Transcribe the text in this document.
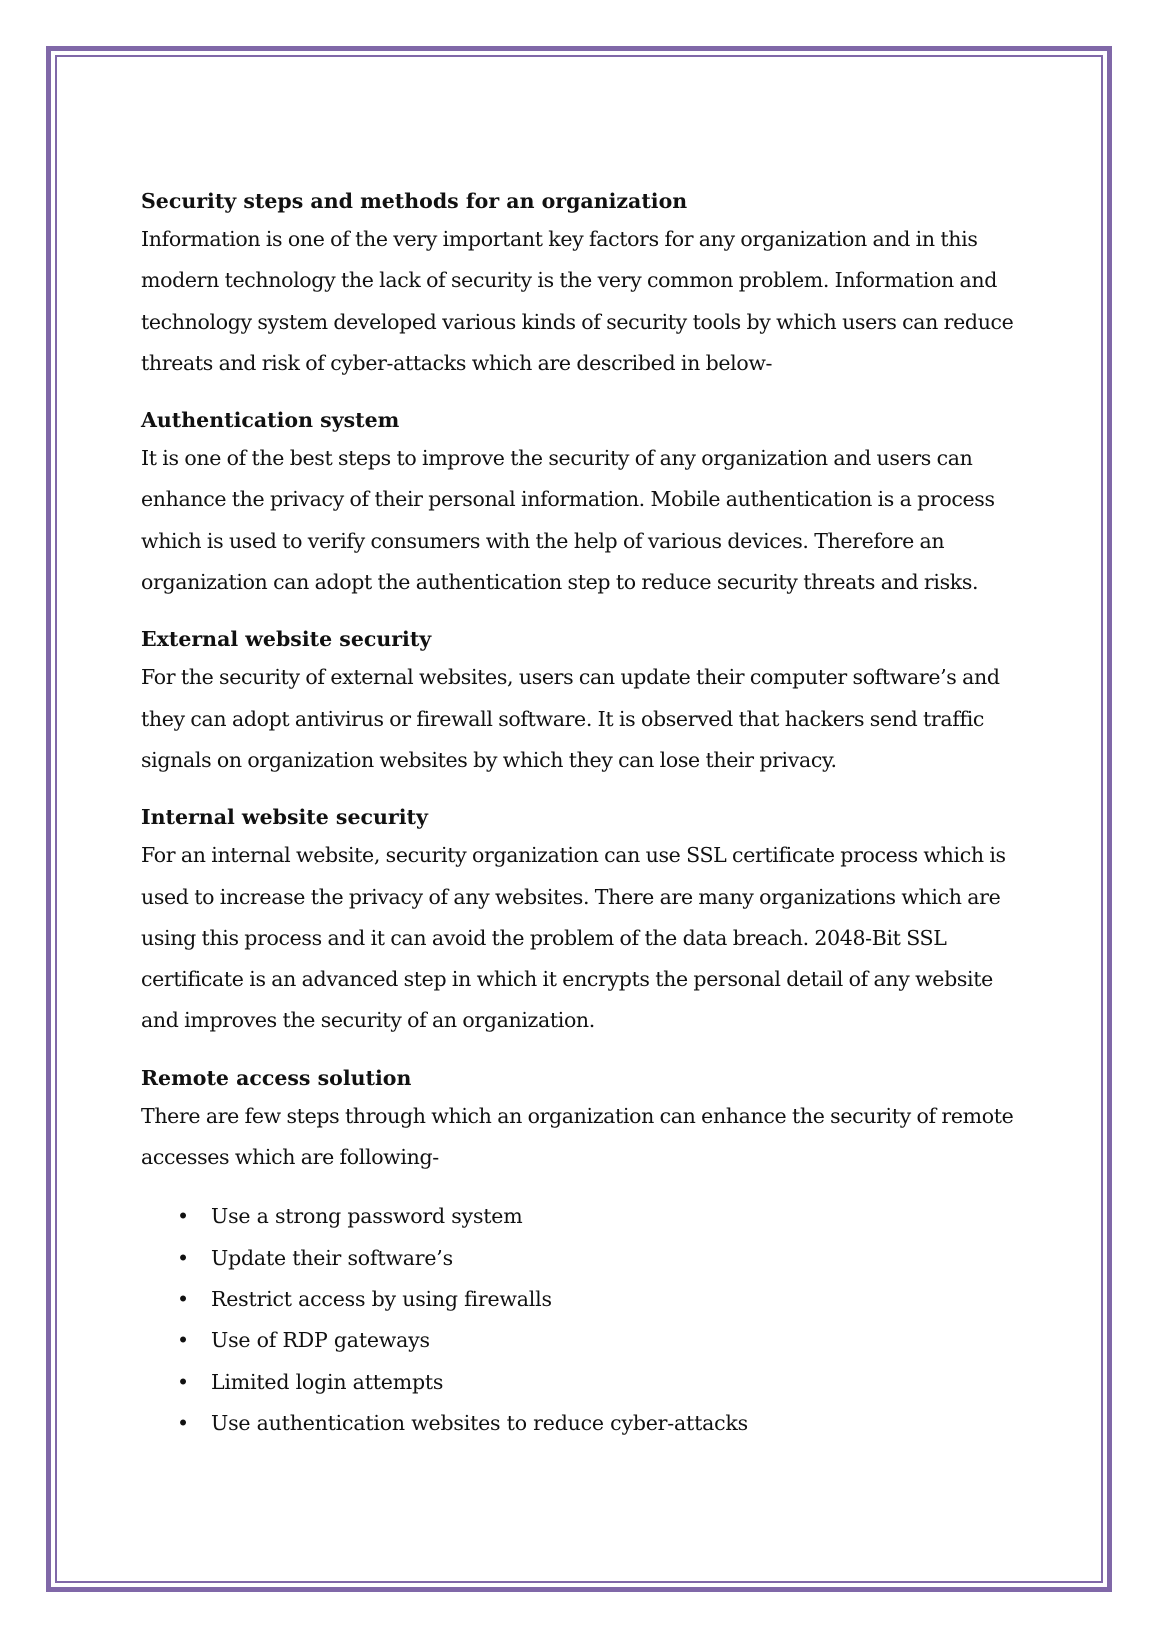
Security steps and methods for an organization

Information is one of the very important key factors for any organization and in this modern technology the lack of security is the very common problem. Information and technology system developed various kinds of security tools by which users can reduce threats and risk of cyber-attacks which are described in below-

Authentication system

It is one of the best steps to improve the security of any organization and users can enhance the privacy of their personal information. Mobile authentication is a process which is used to verify consumers with the help of various devices. Therefore an organization can adopt the authentication step to reduce security threats and risks.

External website security

For the security of external websites, users can update their computer software’s and they can adopt antivirus or firewall software. It is observed that hackers send traffic signals on organization websites by which they can lose their privacy.

Internal website security

For an internal website, security organization can use SSL certificate process which is used to increase the privacy of any websites. There are many organizations which are using this process and it can avoid the problem of the data breach. 2048-Bit SSL certificate is an advanced step in which it encrypts the personal detail of any website and improves the security of an organization.

Remote access solution

There are few steps through which an organization can enhance the security of remote accesses which are following-

• Use a strong password system
• Update their software’s
• Restrict access by using firewalls
• Use of RDP gateways
• Limited login attempts
• Use authentication websites to reduce cyber-attacks
